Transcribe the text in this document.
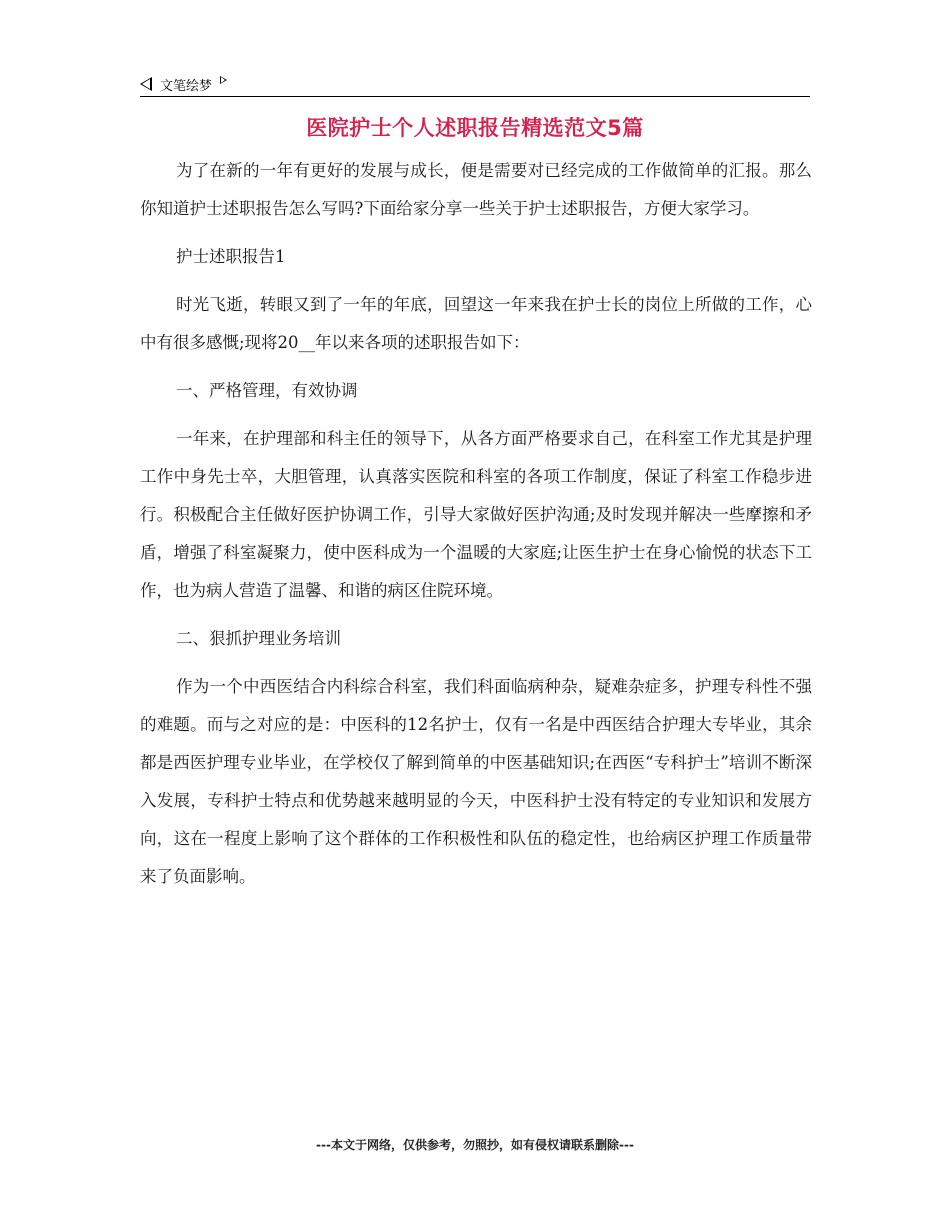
文笔绘梦
医院护士个人述职报告精选范文5篇

为了在新的一年有更好的发展与成长，便是需要对已经完成的工作做简单的汇报。那么你知道护士述职报告怎么写吗?下面给家分享一些关于护士述职报告，方便大家学习。

护士述职报告1

时光飞逝，转眼又到了一年的年底，回望这一年来我在护士长的岗位上所做的工作，心中有很多感慨;现将20__年以来各项的述职报告如下：

一、严格管理，有效协调

一年来，在护理部和科主任的领导下，从各方面严格要求自己，在科室工作尤其是护理工作中身先士卒，大胆管理，认真落实医院和科室的各项工作制度，保证了科室工作稳步进行。积极配合主任做好医护协调工作，引导大家做好医护沟通;及时发现并解决一些摩擦和矛盾，增强了科室凝聚力，使中医科成为一个温暖的大家庭;让医生护士在身心愉悦的状态下工作，也为病人营造了温馨、和谐的病区住院环境。

二、狠抓护理业务培训

作为一个中西医结合内科综合科室，我们科面临病种杂，疑难杂症多，护理专科性不强的难题。而与之对应的是：中医科的12名护士，仅有一名是中西医结合护理大专毕业，其余都是西医护理专业毕业，在学校仅了解到简单的中医基础知识;在西医“专科护士”培训不断深入发展，专科护士特点和优势越来越明显的今天，中医科护士没有特定的专业知识和发展方向，这在一程度上影响了这个群体的工作积极性和队伍的稳定性，也给病区护理工作质量带来了负面影响。

---本文于网络，仅供参考，勿照抄，如有侵权请联系删除---
